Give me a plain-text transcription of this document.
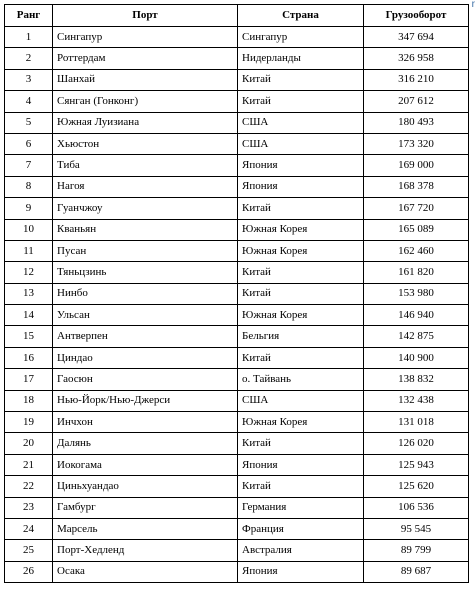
r
Ранг	Порт	Страна	Грузооборот
1	Сингапур	Сингапур	347 694
2	Роттердам	Нидерланды	326 958
3	Шанхай	Китай	316 210
4	Сянган (Гонконг)	Китай	207 612
5	Южная Луизиана	США	180 493
6	Хьюстон	США	173 320
7	Тиба	Япония	169 000
8	Нагоя	Япония	168 378
9	Гуанчжоу	Китай	167 720
10	Кваньян	Южная Корея	165 089
11	Пусан	Южная Корея	162 460
12	Тяньцзинь	Китай	161 820
13	Нинбо	Китай	153 980
14	Ульсан	Южная Корея	146 940
15	Антверпен	Бельгия	142 875
16	Циндао	Китай	140 900
17	Гаосюн	о. Тайвань	138 832
18	Нью-Йорк/Нью-Джерси	США	132 438
19	Инчхон	Южная Корея	131 018
20	Далянь	Китай	126 020
21	Иокогама	Япония	125 943
22	Циньхуандао	Китай	125 620
23	Гамбург	Германия	106 536
24	Марсель	Франция	95 545
25	Порт-Хедленд	Австралия	89 799
26	Осака	Япония	89 687
